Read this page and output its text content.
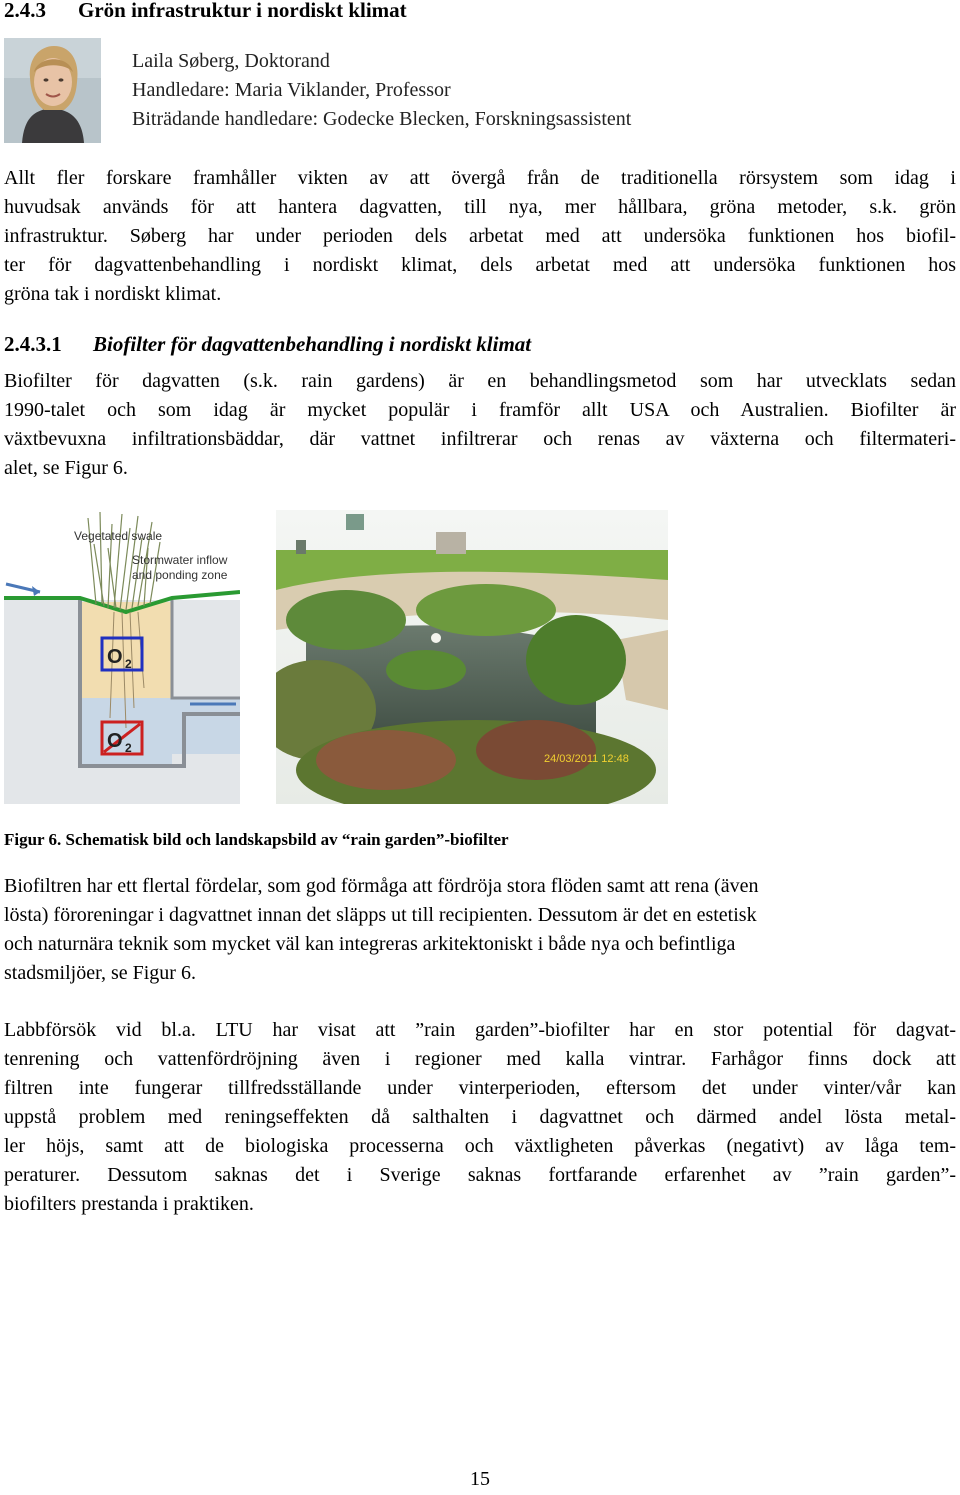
2.4.3 Grön infrastruktur i nordiskt klimat
Laila Søberg, Doktorand
Handledare: Maria Viklander, Professor
Biträdande handledare: Godecke Blecken, Forskningsassistent
Allt fler forskare framhåller vikten av att övergå från de traditionella rörsystem som idag i
huvudsak används för att hantera dagvatten, till nya, mer hållbara, gröna metoder, s.k. grön
infrastruktur. Søberg har under perioden dels arbetat med att undersöka funktionen hos biofil-
ter för dagvattenbehandling i nordiskt klimat, dels arbetat med att undersöka funktionen hos
gröna tak i nordiskt klimat.
2.4.3.1 Biofilter för dagvattenbehandling i nordiskt klimat
Biofilter för dagvatten (s.k. rain gardens) är en behandlingsmetod som har utvecklats sedan
1990-talet och som idag är mycket populär i framför allt USA och Australien. Biofilter är
växtbevuxna infiltrationsbäddar, där vattnet infiltrerar och renas av växterna och filtermateri-
alet, se Figur 6.
Vegetated swale
Stormwater inflow
and ponding zone
O 2
O 2
24/03/2011 12:48
Figur 6. Schematisk bild och landskapsbild av “rain garden”-biofilter
Biofiltren har ett flertal fördelar, som god förmåga att fördröja stora flöden samt att rena (även
lösta) föroreningar i dagvattnet innan det släpps ut till recipienten. Dessutom är det en estetisk
och naturnära teknik som mycket väl kan integreras arkitektoniskt i både nya och befintliga
stadsmiljöer, se Figur 6.
Labbförsök vid bl.a. LTU har visat att ”rain garden”-biofilter har en stor potential för dagvat-
tenrening och vattenfördröjning även i regioner med kalla vintrar. Farhågor finns dock att
filtren inte fungerar tillfredsställande under vinterperioden, eftersom det under vinter/vår kan
uppstå problem med reningseffekten då salthalten i dagvattnet och därmed andel lösta metal-
ler höjs, samt att de biologiska processerna och växtligheten påverkas (negativt) av låga tem-
peraturer. Dessutom saknas det i Sverige saknas fortfarande erfarenhet av ”rain garden”-
biofilters prestanda i praktiken.
15
